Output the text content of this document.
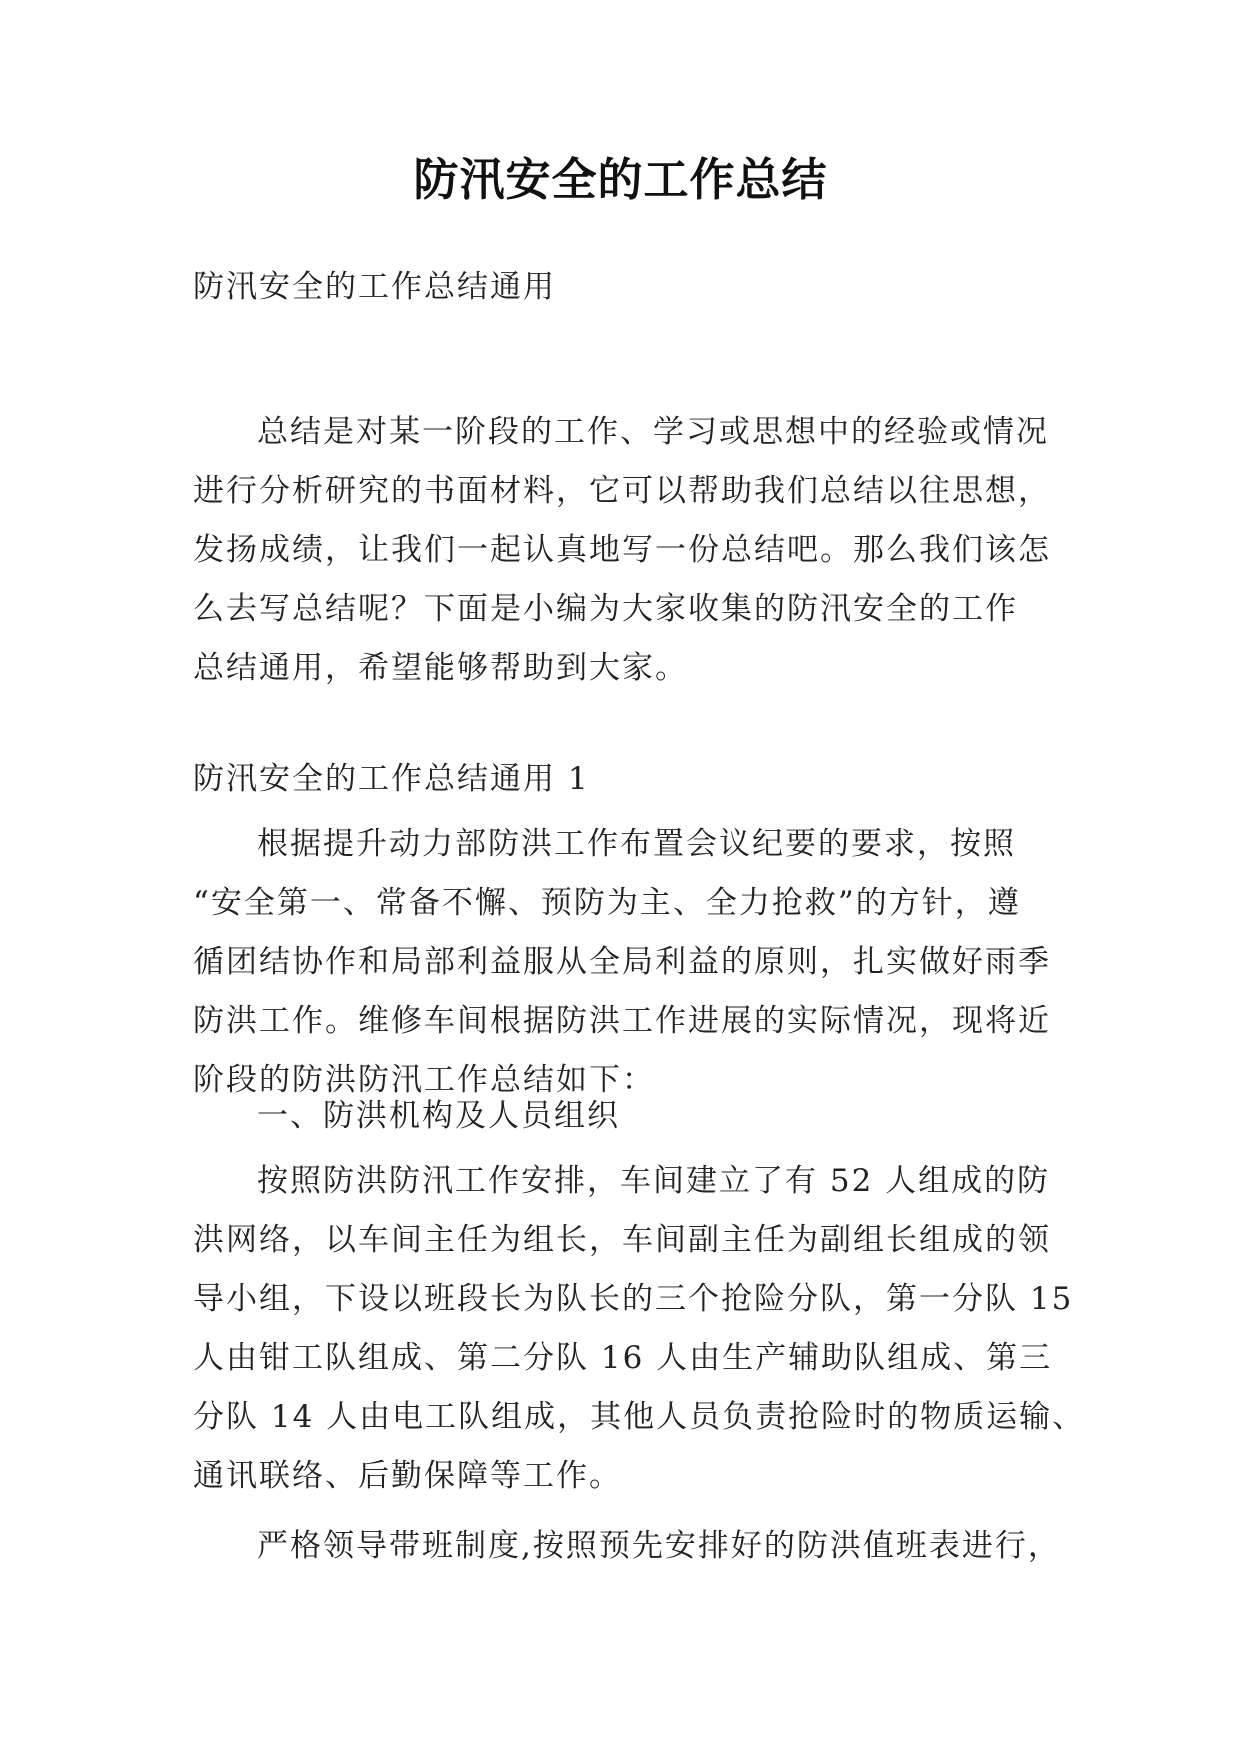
防汛安全的工作总结
防汛安全的工作总结通用
总结是对某一阶段的工作、学习或思想中的经验或情况
进行分析研究的书面材料，它可以帮助我们总结以往思想，
发扬成绩，让我们一起认真地写一份总结吧。那么我们该怎
么去写总结呢？下面是小编为大家收集的防汛安全的工作
总结通用，希望能够帮助到大家。
防汛安全的工作总结通用 1
根据提升动力部防洪工作布置会议纪要的要求，按照
“安全第一、常备不懈、预防为主、全力抢救”的方针，遵
循团结协作和局部利益服从全局利益的原则，扎实做好雨季
防洪工作。维修车间根据防洪工作进展的实际情况，现将近
阶段的防洪防汛工作总结如下：
一、防洪机构及人员组织
按照防洪防汛工作安排，车间建立了有 52 人组成的防
洪网络，以车间主任为组长，车间副主任为副组长组成的领
导小组，下设以班段长为队长的三个抢险分队，第一分队 15
人由钳工队组成、第二分队 16 人由生产辅助队组成、第三
分队 14 人由电工队组成，其他人员负责抢险时的物质运输、
通讯联络、后勤保障等工作。
严格领导带班制度,按照预先安排好的防洪值班表进行，
